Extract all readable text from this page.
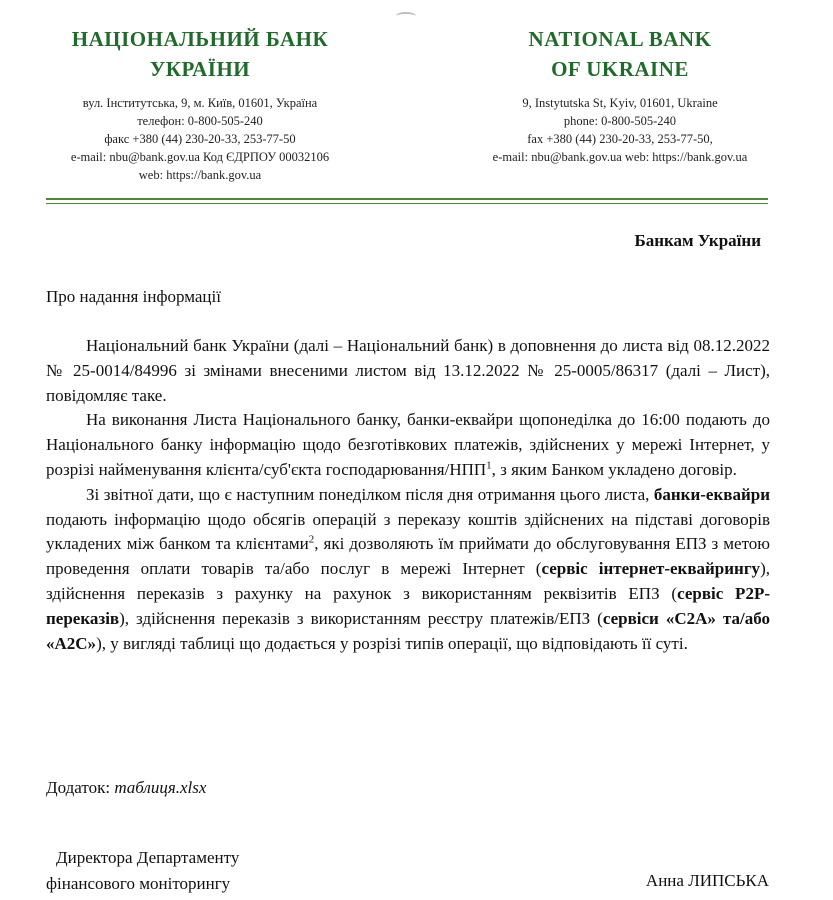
НАЦІОНАЛЬНИЙ БАНК
УКРАЇНИ
вул. Інститутська, 9, м. Київ, 01601, Україна
телефон: 0-800-505-240
факс +380 (44) 230-20-33, 253-77-50
e-mail: nbu@bank.gov.ua Код ЄДРПОУ 00032106
web: https://bank.gov.ua
NATIONAL BANK
OF UKRAINE
9, Instytutska St, Kyiv, 01601, Ukraine
phone: 0-800-505-240
fax +380 (44) 230-20-33, 253-77-50,
e-mail: nbu@bank.gov.ua web: https://bank.gov.ua
Банкам України
Про надання інформації

Національний банк України (далі – Національний банк) в доповнення до листа від 08.12.2022 № 25-0014/84996 зі змінами внесеними листом від 13.12.2022 № 25-0005/86317 (далі – Лист), повідомляє таке.

На виконання Листа Національного банку, банки-еквайри щопонеділка до 16:00 подають до Національного банку інформацію щодо безготівкових платежів, здійснених у мережі Інтернет, у розрізі найменування клієнта/суб'єкта господарювання/НПП$^1$, з яким Банком укладено договір.

Зі звітної дати, що є наступним понеділком після дня отримання цього листа, банки-еквайри подають інформацію щодо обсягів операцій з переказу коштів здійснених на підставі договорів укладених між банком та клієнтами$^2$, які дозволяють їм приймати до обслуговування ЕПЗ з метою проведення оплати товарів та/або послуг в мережі Інтернет (сервіс інтернет-еквайрингу), здійснення переказів з рахунку на рахунок з використанням реквізитів ЕПЗ (сервіс P2P-переказів), здійснення переказів з використанням реєстру платежів/ЕПЗ (сервіси «C2A» та/або «A2C»), у вигляді таблиці що додається у розрізі типів операції, що відповідають її суті.

Додаток: таблиця.xlsx
Директора Департаменту
фінансового моніторингу	Анна ЛИПСЬКА
